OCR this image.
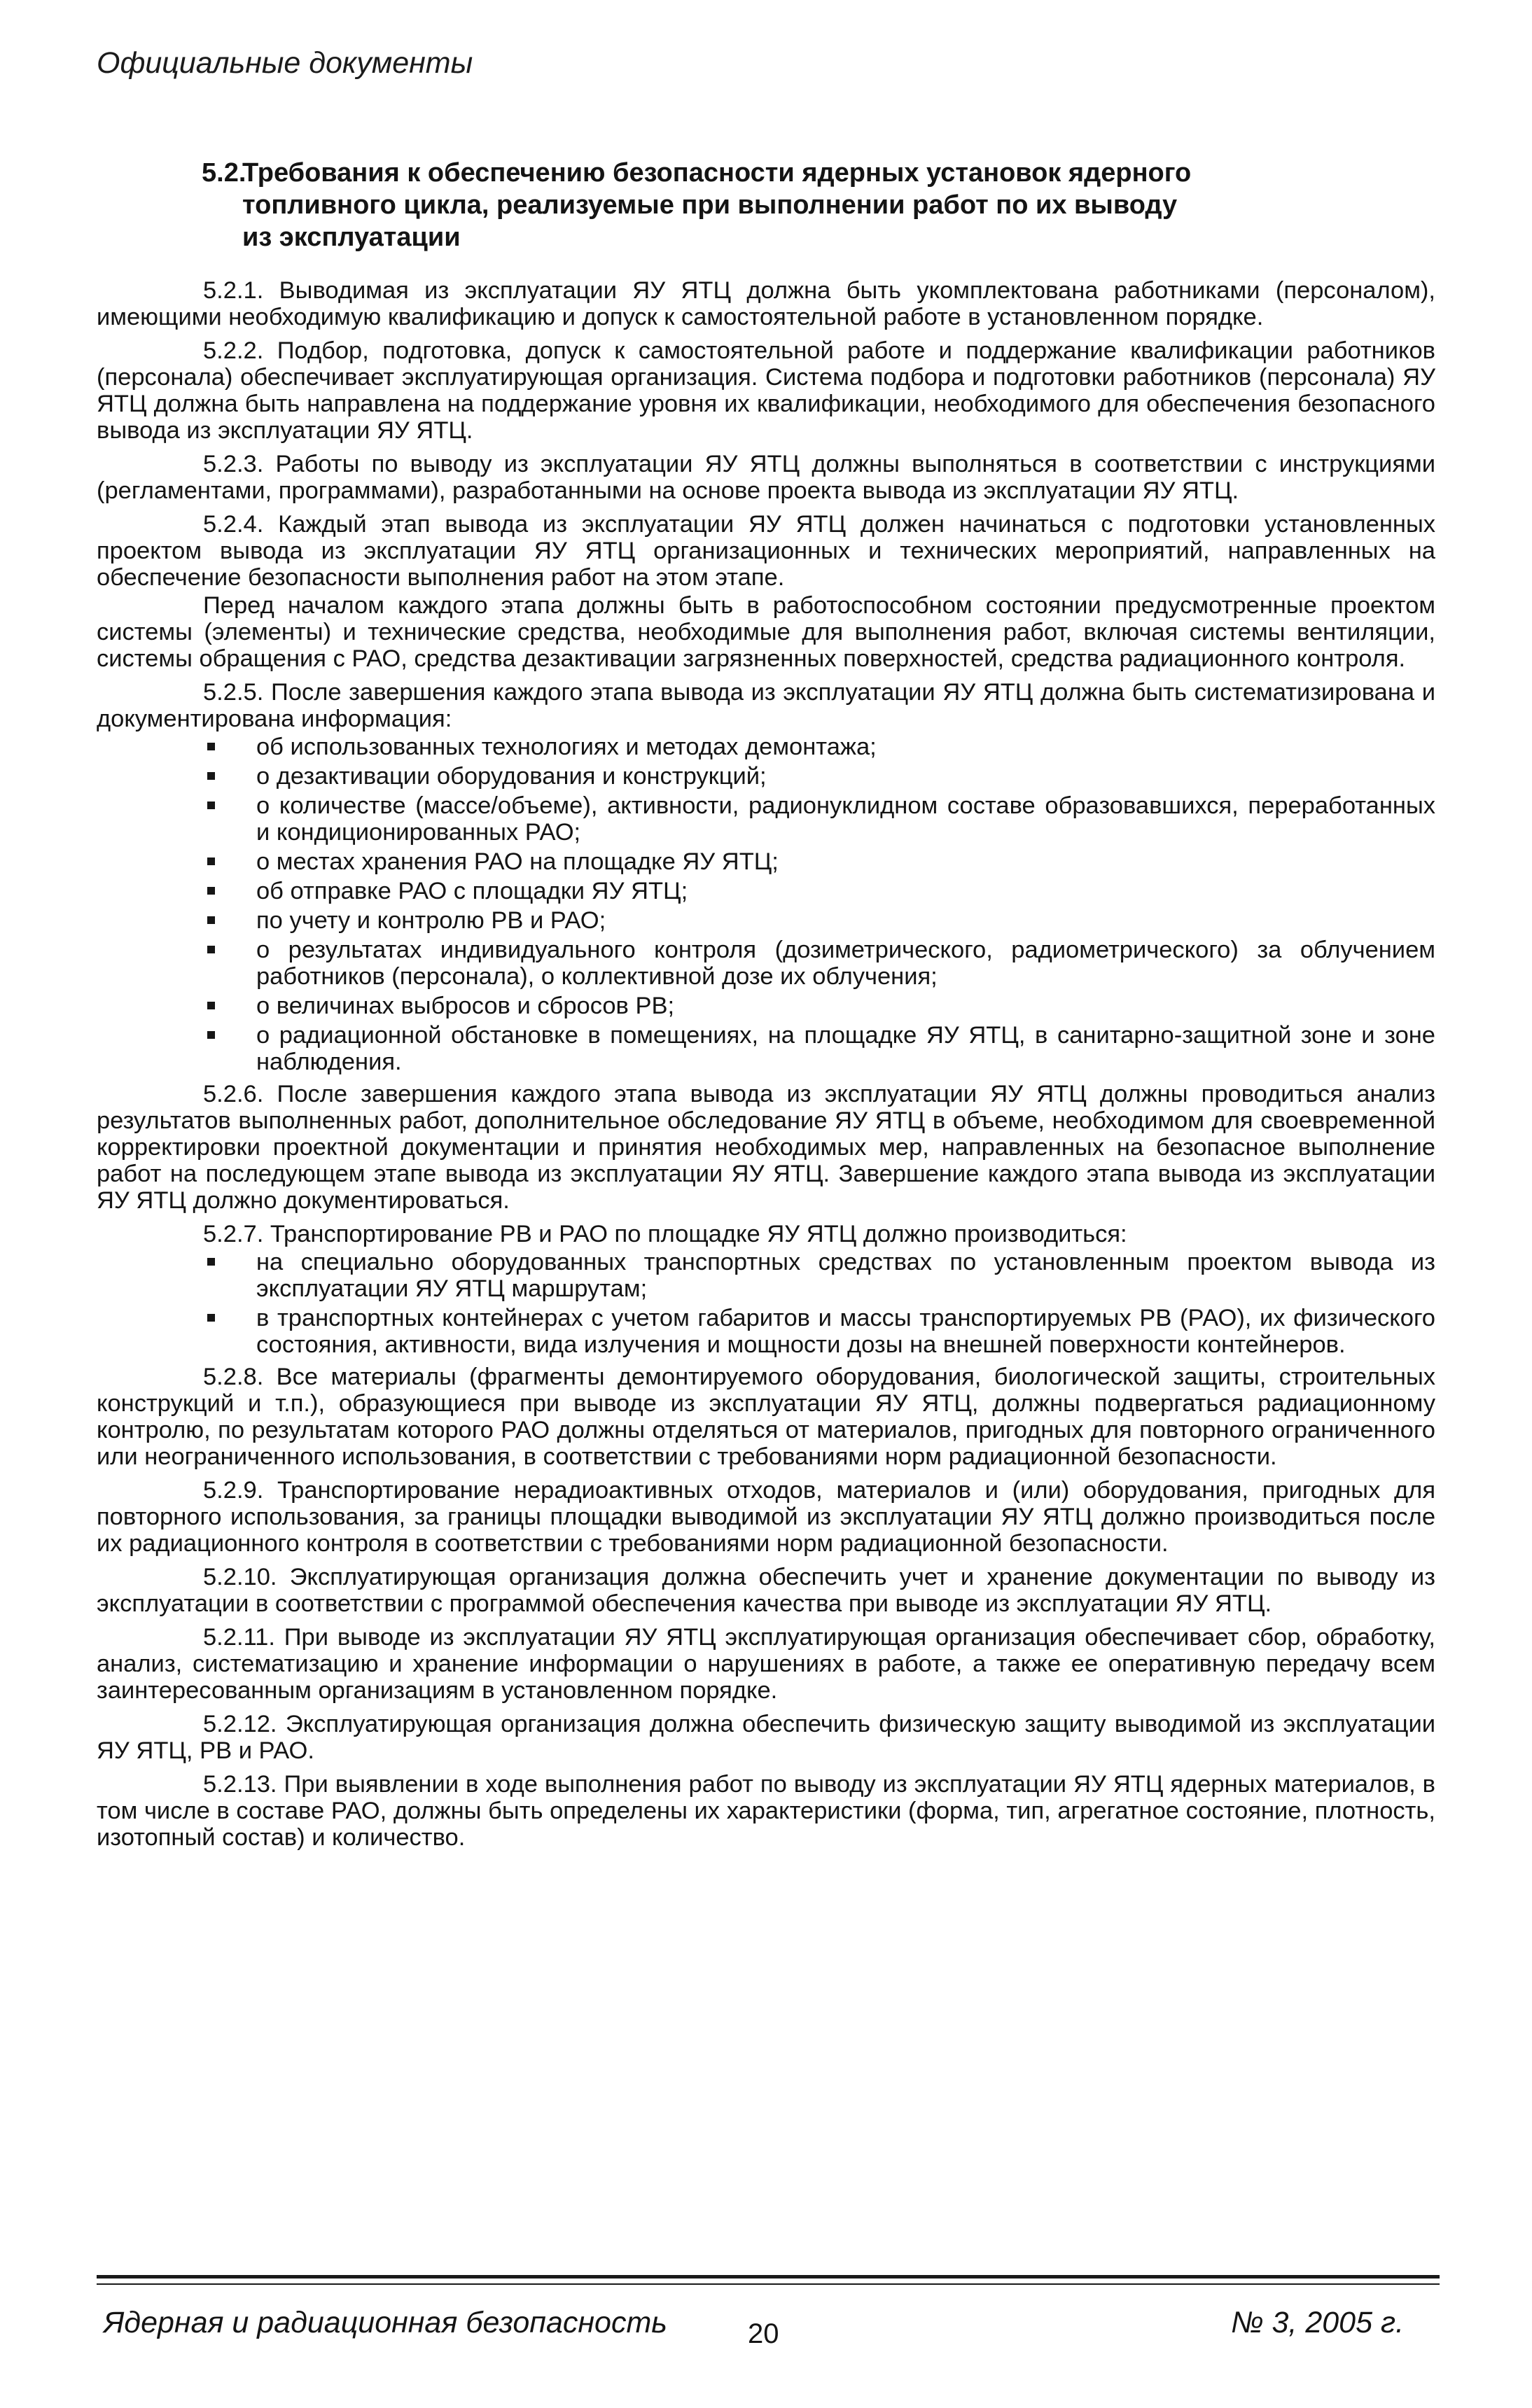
Официальные документы
5.2.Требования к обеспечению безопасности ядерных установок ядерного
топливного цикла, реализуемые при выполнении работ по их выводу
из эксплуатации

5.2.1. Выводимая из эксплуатации ЯУ ЯТЦ должна быть укомплектована работниками (персоналом), имеющими необходимую квалификацию и допуск к самостоятельной работе в установленном порядке.

5.2.2. Подбор, подготовка, допуск к самостоятельной работе и поддержание квалификации работников (персонала) обеспечивает эксплуатирующая организация. Система подбора и подготовки работников (персонала) ЯУ ЯТЦ должна быть направлена на поддержание уровня их квалификации, необходимого для обеспечения безопасного вывода из эксплуатации ЯУ ЯТЦ.

5.2.3. Работы по выводу из эксплуатации ЯУ ЯТЦ должны выполняться в соответствии с инструкциями (регламентами, программами), разработанными на основе проекта вывода из эксплуатации ЯУ ЯТЦ.

5.2.4. Каждый этап вывода из эксплуатации ЯУ ЯТЦ должен начинаться с подготовки установленных проектом вывода из эксплуатации ЯУ ЯТЦ организационных и технических мероприятий, направленных на обеспечение безопасности выполнения работ на этом этапе.

Перед началом каждого этапа должны быть в работоспособном состоянии предусмотренные проектом системы (элементы) и технические средства, необходимые для выполнения работ, включая системы вентиляции, системы обращения с РАО, средства дезактивации загрязненных поверхностей, средства радиационного контроля.

5.2.5. После завершения каждого этапа вывода из эксплуатации ЯУ ЯТЦ должна быть систематизирована и документирована информация:

об использованных технологиях и методах демонтажа;
о дезактивации оборудования и конструкций;
о количестве (массе/объеме), активности, радионуклидном составе образовавшихся, переработанных и кондиционированных РАО;
о местах хранения РАО на площадке ЯУ ЯТЦ;
об отправке РАО с площадки ЯУ ЯТЦ;
по учету и контролю РВ и РАО;
о результатах индивидуального контроля (дозиметрического, радиометрического) за облучением работников (персонала), о коллективной дозе их облучения;
о величинах выбросов и сбросов РВ;
о радиационной обстановке в помещениях, на площадке ЯУ ЯТЦ, в санитарно-защитной зоне и зоне наблюдения.

5.2.6. После завершения каждого этапа вывода из эксплуатации ЯУ ЯТЦ должны проводиться анализ результатов выполненных работ, дополнительное обследование ЯУ ЯТЦ в объеме, необходимом для своевременной корректировки проектной документации и принятия необходимых мер, направленных на безопасное выполнение работ на последующем этапе вывода из эксплуатации ЯУ ЯТЦ. Завершение каждого этапа вывода из эксплуатации ЯУ ЯТЦ должно документироваться.

5.2.7. Транспортирование РВ и РАО по площадке ЯУ ЯТЦ должно производиться:

на специально оборудованных транспортных средствах по установленным проектом вывода из эксплуатации ЯУ ЯТЦ маршрутам;
в транспортных контейнерах с учетом габаритов и массы транспортируемых РВ (РАО), их физического состояния, активности, вида излучения и мощности дозы на внешней поверхности контейнеров.

5.2.8. Все материалы (фрагменты демонтируемого оборудования, биологической защиты, строительных конструкций и т.п.), образующиеся при выводе из эксплуатации ЯУ ЯТЦ, должны подвергаться радиационному контролю, по результатам которого РАО должны отделяться от материалов, пригодных для повторного ограниченного или неограниченного использования, в соответствии с требованиями норм радиационной безопасности.

5.2.9. Транспортирование нерадиоактивных отходов, материалов и (или) оборудования, пригодных для повторного использования, за границы площадки выводимой из эксплуатации ЯУ ЯТЦ должно производиться после их радиационного контроля в соответствии с требованиями норм радиационной безопасности.

5.2.10. Эксплуатирующая организация должна обеспечить учет и хранение документации по выводу из эксплуатации в соответствии с программой обеспечения качества при выводе из эксплуатации ЯУ ЯТЦ.

5.2.11. При выводе из эксплуатации ЯУ ЯТЦ эксплуатирующая организация обеспечивает сбор, обработку, анализ, систематизацию и хранение информации о нарушениях в работе, а также ее оперативную передачу всем заинтересованным организациям в установленном порядке.

5.2.12. Эксплуатирующая организация должна обеспечить физическую защиту выводимой из эксплуатации ЯУ ЯТЦ, РВ и РАО.

5.2.13. При выявлении в ходе выполнения работ по выводу из эксплуатации ЯУ ЯТЦ ядерных материалов, в том числе в составе РАО, должны быть определены их характеристики (форма, тип, агрегатное состояние, плотность, изотопный состав) и количество.

Ядерная и радиационная безопасность	20	№ 3, 2005 г.
